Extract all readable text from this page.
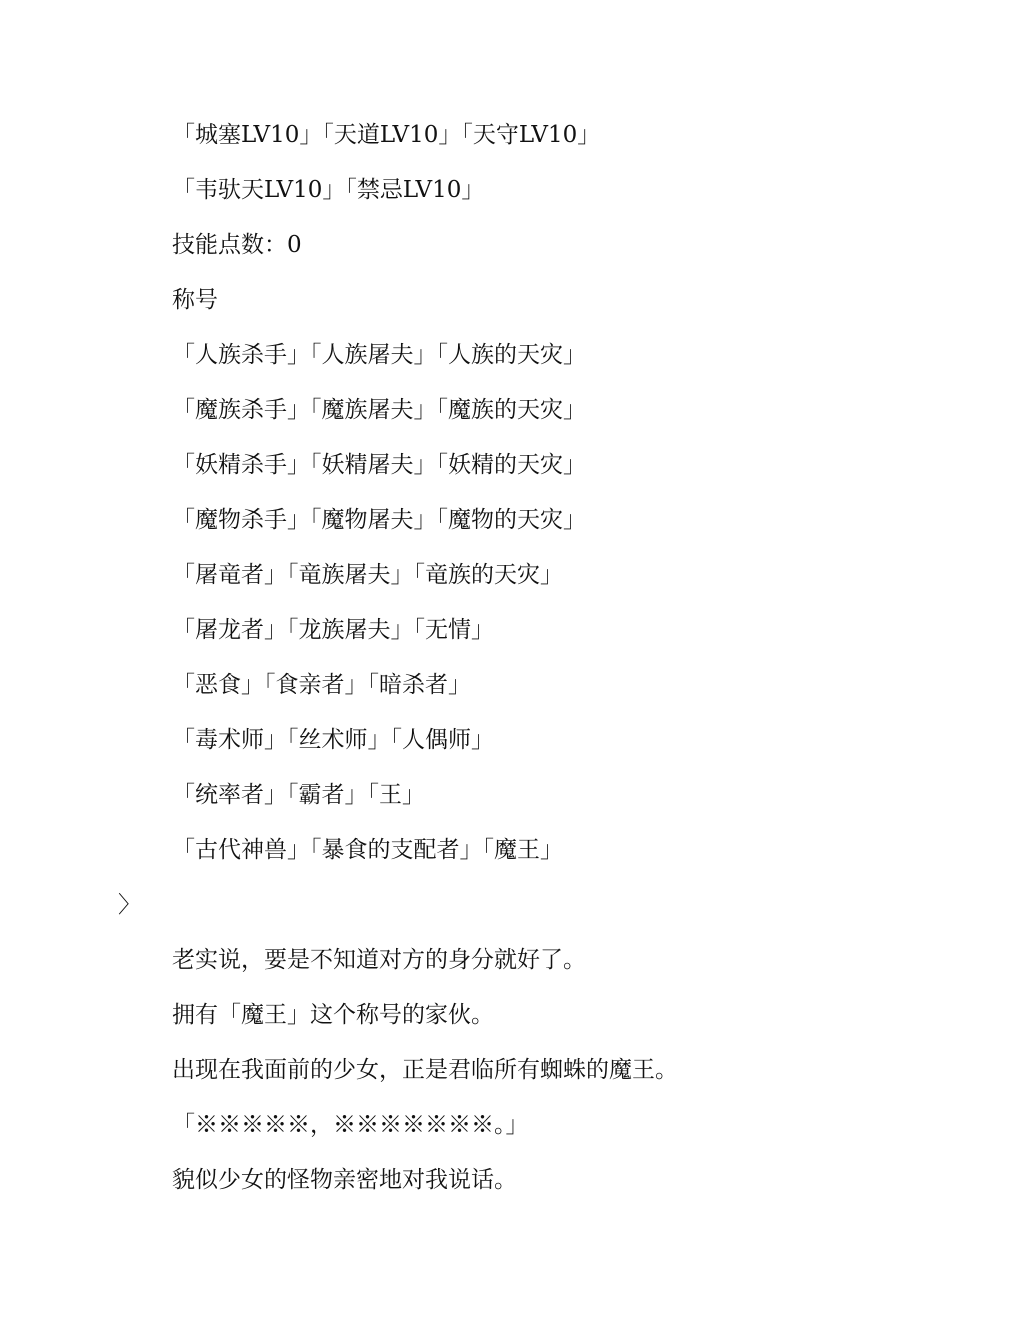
「城塞LV10」「天道LV10」「天守LV10」
「韦驮天LV10」「禁忌LV10」
技能点数：0
称号
「人族杀手」「人族屠夫」「人族的天灾」
「魔族杀手」「魔族屠夫」「魔族的天灾」
「妖精杀手」「妖精屠夫」「妖精的天灾」
「魔物杀手」「魔物屠夫」「魔物的天灾」
「屠竜者」「竜族屠夫」「竜族的天灾」
「屠龙者」「龙族屠夫」「无情」
「恶食」「食亲者」「暗杀者」
「毒术师」「丝术师」「人偶师」
「统率者」「霸者」「王」
「古代神兽」「暴食的支配者」「魔王」
〉
老实说，要是不知道对方的身分就好了。
拥有「魔王」这个称号的家伙。
出现在我面前的少女，正是君临所有蜘蛛的魔王。
「※※※※※，※※※※※※※。」
貌似少女的怪物亲密地对我说话。
